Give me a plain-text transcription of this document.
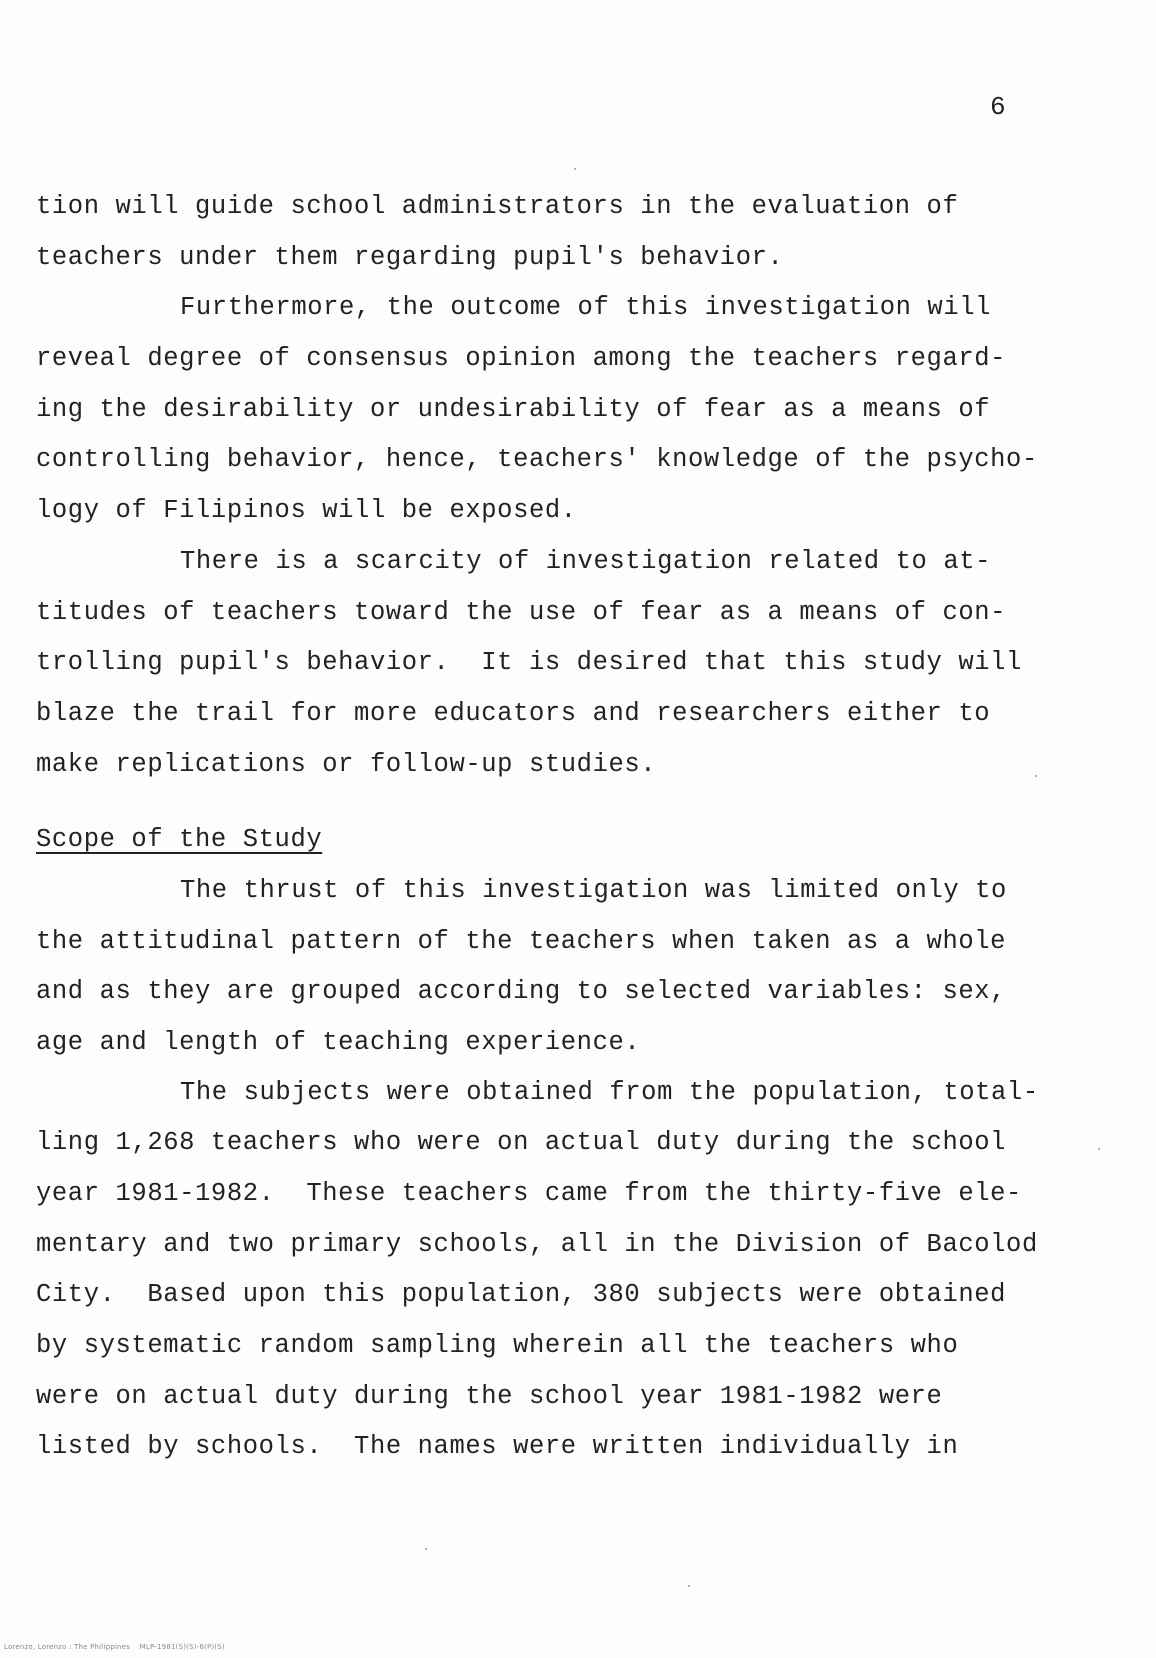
6
tion will guide school administrators in the evaluation of
teachers under them regarding pupil's behavior.
Furthermore, the outcome of this investigation will
reveal degree of consensus opinion among the teachers regard-
ing the desirability or undesirability of fear as a means of
controlling behavior, hence, teachers' knowledge of the psycho-
logy of Filipinos will be exposed.
There is a scarcity of investigation related to at-
titudes of teachers toward the use of fear as a means of con-
trolling pupil's behavior.  It is desired that this study will
blaze the trail for more educators and researchers either to
make replications or follow-up studies.
Scope of the Study
The thrust of this investigation was limited only to
the attitudinal pattern of the teachers when taken as a whole
and as they are grouped according to selected variables: sex,
age and length of teaching experience.
The subjects were obtained from the population, total-
ling 1,268 teachers who were on actual duty during the school
year 1981-1982.  These teachers came from the thirty-five ele-
mentary and two primary schools, all in the Division of Bacolod
City.  Based upon this population, 380 subjects were obtained
by systematic random sampling wherein all the teachers who
were on actual duty during the school year 1981-1982 were
listed by schools.  The names were written individually in
Lorenzo, Lorenzo : The Philippines    MLP-1981(S)(S)-6(P)(S)
